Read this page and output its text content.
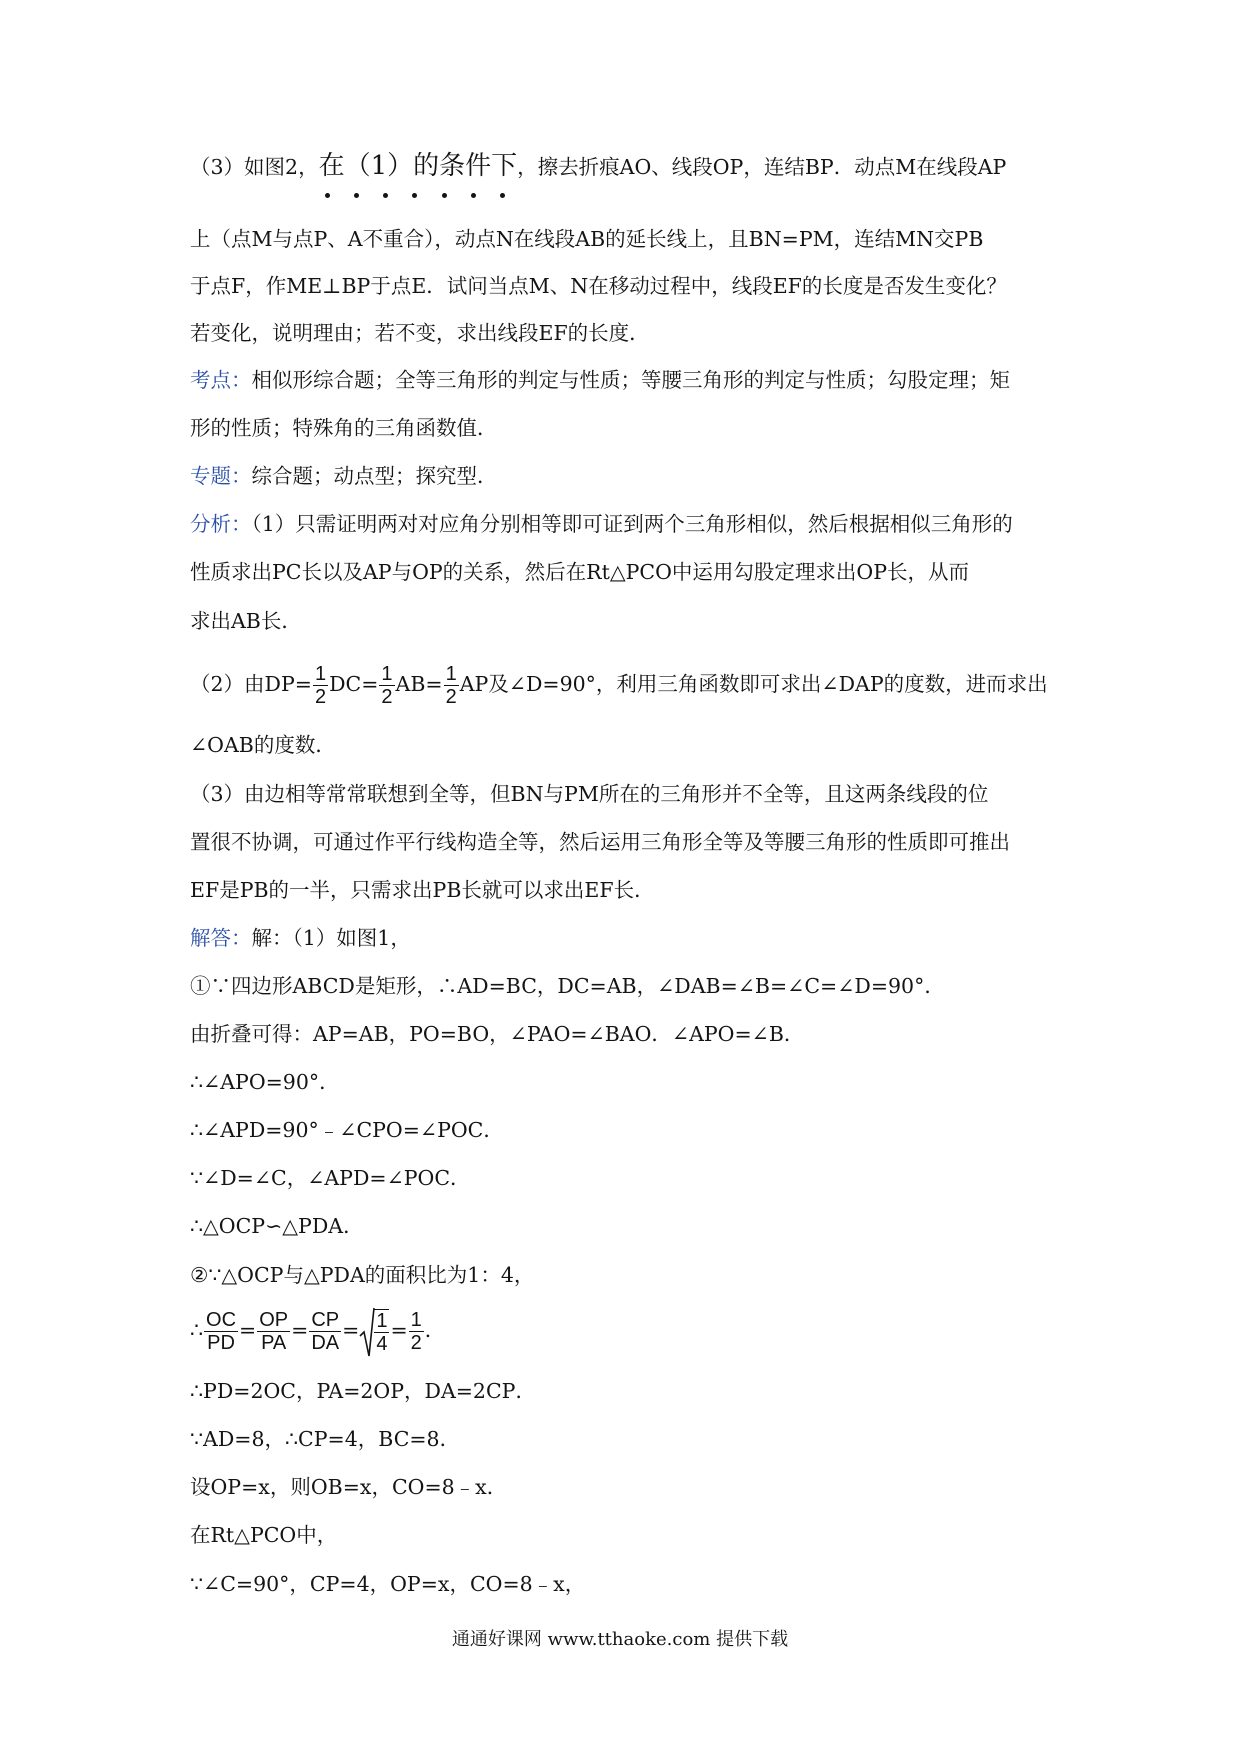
（3）如图2，在（1）的条件下
，擦去折痕AO、线段OP，连结BP．动点M在线段AP
上（点M与点P、A不重合），动点N在线段AB的延长线上，且BN=PM，连结MN交PB
于点F，作ME⊥BP于点E．试问当点M、N在移动过程中，线段EF的长度是否发生变化？
若变化，说明理由；若不变，求出线段EF的长度．
考点：相似形综合题；全等三角形的判定与性质；等腰三角形的判定与性质；勾股定理；矩
形的性质；特殊角的三角函数值．
专题：综合题；动点型；探究型．
分析：（1）只需证明两对对应角分别相等即可证到两个三角形相似，然后根据相似三角形的
性质求出PC长以及AP与OP的关系，然后在Rt△PCO中运用勾股定理求出OP长，从而
求出AB长．
（2）由$DP= \frac{1}{2} DC= \frac{1}{2} AB= \frac{1}{2}$ AP及∠D=90°，利用三角函数即可求出∠DAP的度数，进而求出
∠OAB的度数．
（3）由边相等常常联想到全等，但BN与PM所在的三角形并不全等，且这两条线段的位
置很不协调，可通过作平行线构造全等，然后运用三角形全等及等腰三角形的性质即可推出
EF是PB的一半，只需求出PB长就可以求出EF长．
解答：解：（1）如图1，
①∵四边形ABCD是矩形，∴AD=BC，DC=AB，∠DAB=∠B=∠C=∠D=90°．
由折叠可得：AP=AB，PO=BO，∠PAO=∠BAO．∠APO=∠B．
∴∠APO=90°．
∴∠APD=90°﹣∠CPO=∠POC．
∵∠D=∠C，∠APD=∠POC．
∴△OCP∽△PDA．
②∵△OCP与△PDA的面积比为1：4，
∴ $\frac{OC}{PD} = \frac{OP}{PA} = \frac{CP}{DA} = \frac{1}{4} = \frac{1}{2}$ ．
∴PD=2OC，PA=2OP，DA=2CP．
∵AD=8，∴CP=4，BC=8．
设OP=x，则OB=x，CO=8﹣x．
在Rt△PCO中，
∵∠C=90°，CP=4，OP=x，CO=8﹣x，
通通好课网 www.tthaoke.com 提供下载
